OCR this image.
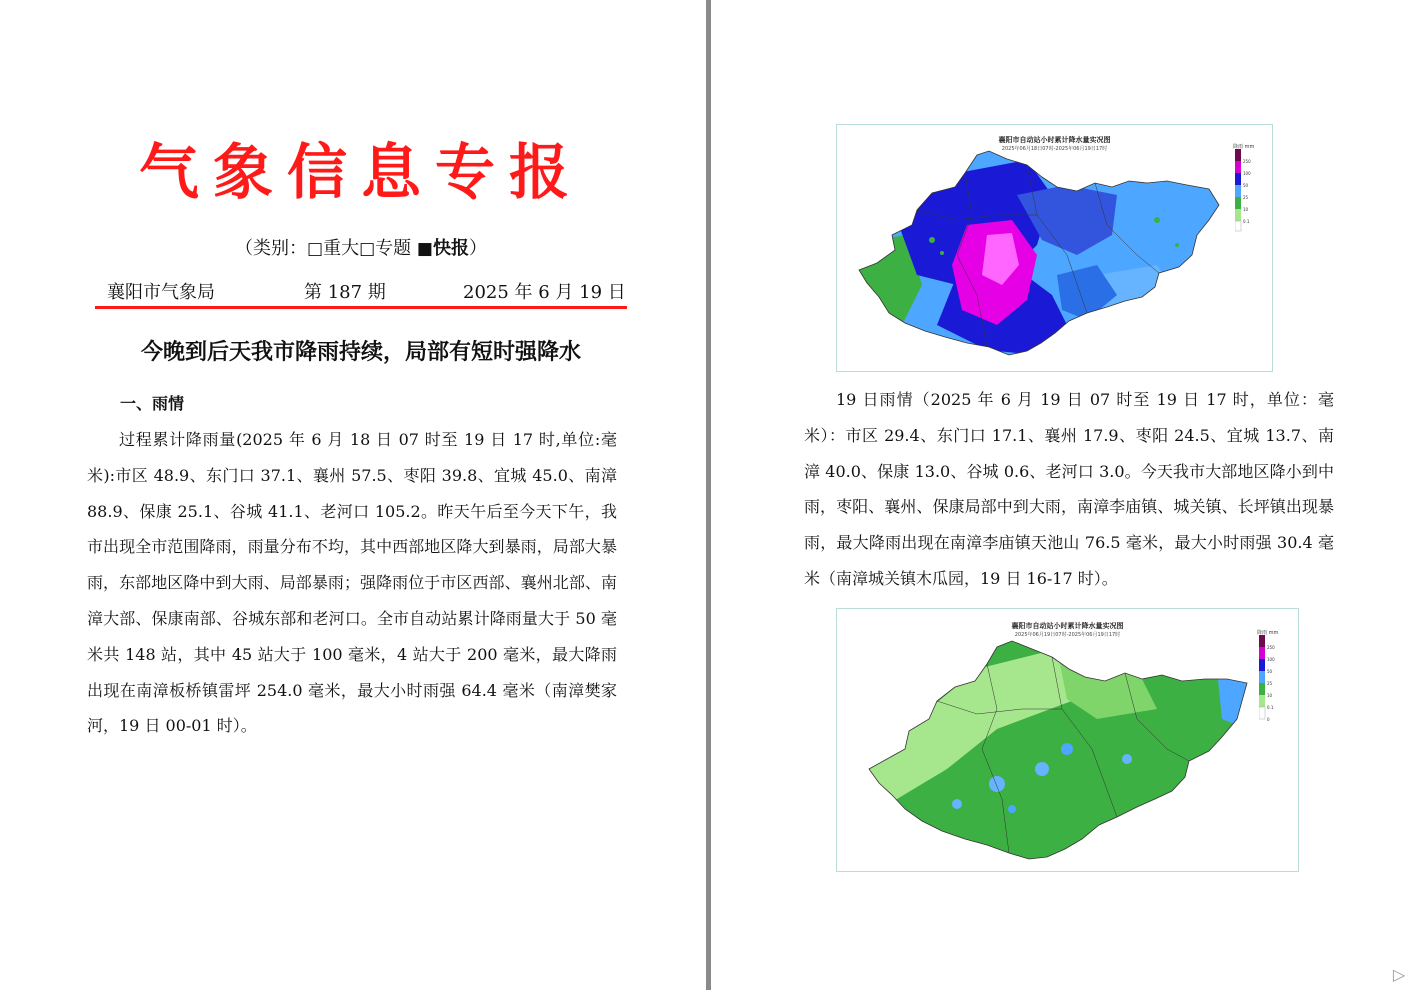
气象信息专报
（类别：□重大□专题 ■快报）
襄阳市气象局	第 187 期	2025 年 6 月 19 日
今晚到后天我市降雨持续，局部有短时强降水
一、雨情
过程累计降雨量(2025 年 6 月 18 日 07 时至 19 日 17 时,单位:毫米):市区 48.9、东门口 37.1、襄州 57.5、枣阳 39.8、宜城 45.0、南漳 88.9、保康 25.1、谷城 41.1、老河口 105.2。昨天午后至今天下午，我市出现全市范围降雨，雨量分布不均，其中西部地区降大到暴雨，局部大暴雨，东部地区降中到大雨、局部暴雨；强降雨位于市区西部、襄州北部、南漳大部、保康南部、谷城东部和老河口。全市自动站累计降雨量大于 50 毫米共 148 站，其中 45 站大于 100 毫米，4 站大于 200 毫米，最大降雨出现在南漳板桥镇雷坪 254.0 毫米，最大小时雨强 64.4 毫米（南漳樊家河，19 日 00-01 时）。
襄阳市自动站小时累计降水量实况图
2025年06月18日07时-2025年06月19日17时
250
100
50
25
10
0.1
降雨 mm
19 日雨情（2025 年 6 月 19 日 07 时至 19 日 17 时，单位：毫米）：市区 29.4、东门口 17.1、襄州 17.9、枣阳 24.5、宜城 13.7、南漳 40.0、保康 13.0、谷城 0.6、老河口 3.0。今天我市大部地区降小到中雨，枣阳、襄州、保康局部中到大雨，南漳李庙镇、城关镇、长坪镇出现暴雨，最大降雨出现在南漳李庙镇天池山 76.5 毫米，最大小时雨强 30.4 毫米（南漳城关镇木瓜园，19 日 16-17 时）。
襄阳市自动站小时累计降水量实况图
2025年06月19日07时-2025年06月19日17时
250
100
50
25
10
0.1
0
降雨 mm
▷
